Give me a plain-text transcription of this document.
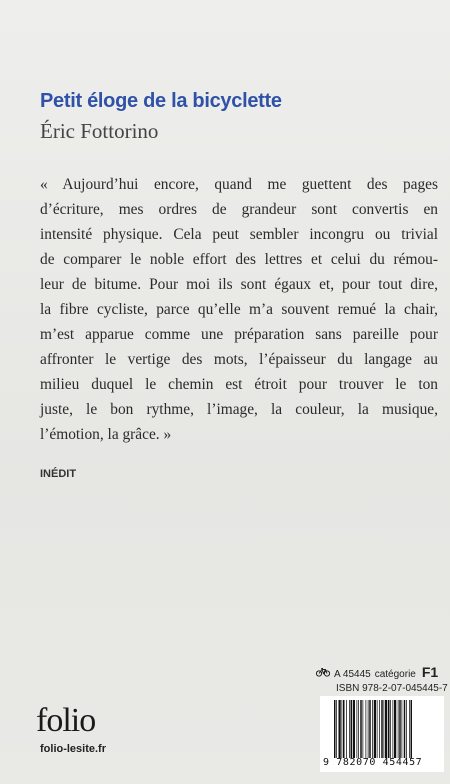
Petit éloge de la bicyclette
Éric Fottorino

« Aujourd’hui encore, quand me guettent des pages
d’écriture, mes ordres de grandeur sont convertis en
intensité physique. Cela peut sembler incongru ou trivial
de comparer le noble effort des lettres et celui du rémou-
leur de bitume. Pour moi ils sont égaux et, pour tout dire,
la fibre cycliste, parce qu’elle m’a souvent remué la chair,
m’est apparue comme une préparation sans pareille pour
affronter le vertige des mots, l’épaisseur du langage au
milieu duquel le chemin est étroit pour trouver le ton
juste, le bon rythme, l’image, la couleur, la musique,
l’émotion, la grâce. »

INÉDIT
A 45445 catégorie F1
ISBN 978-2-07-045445-7
9 782070 454457
folio
folio-lesite.fr
